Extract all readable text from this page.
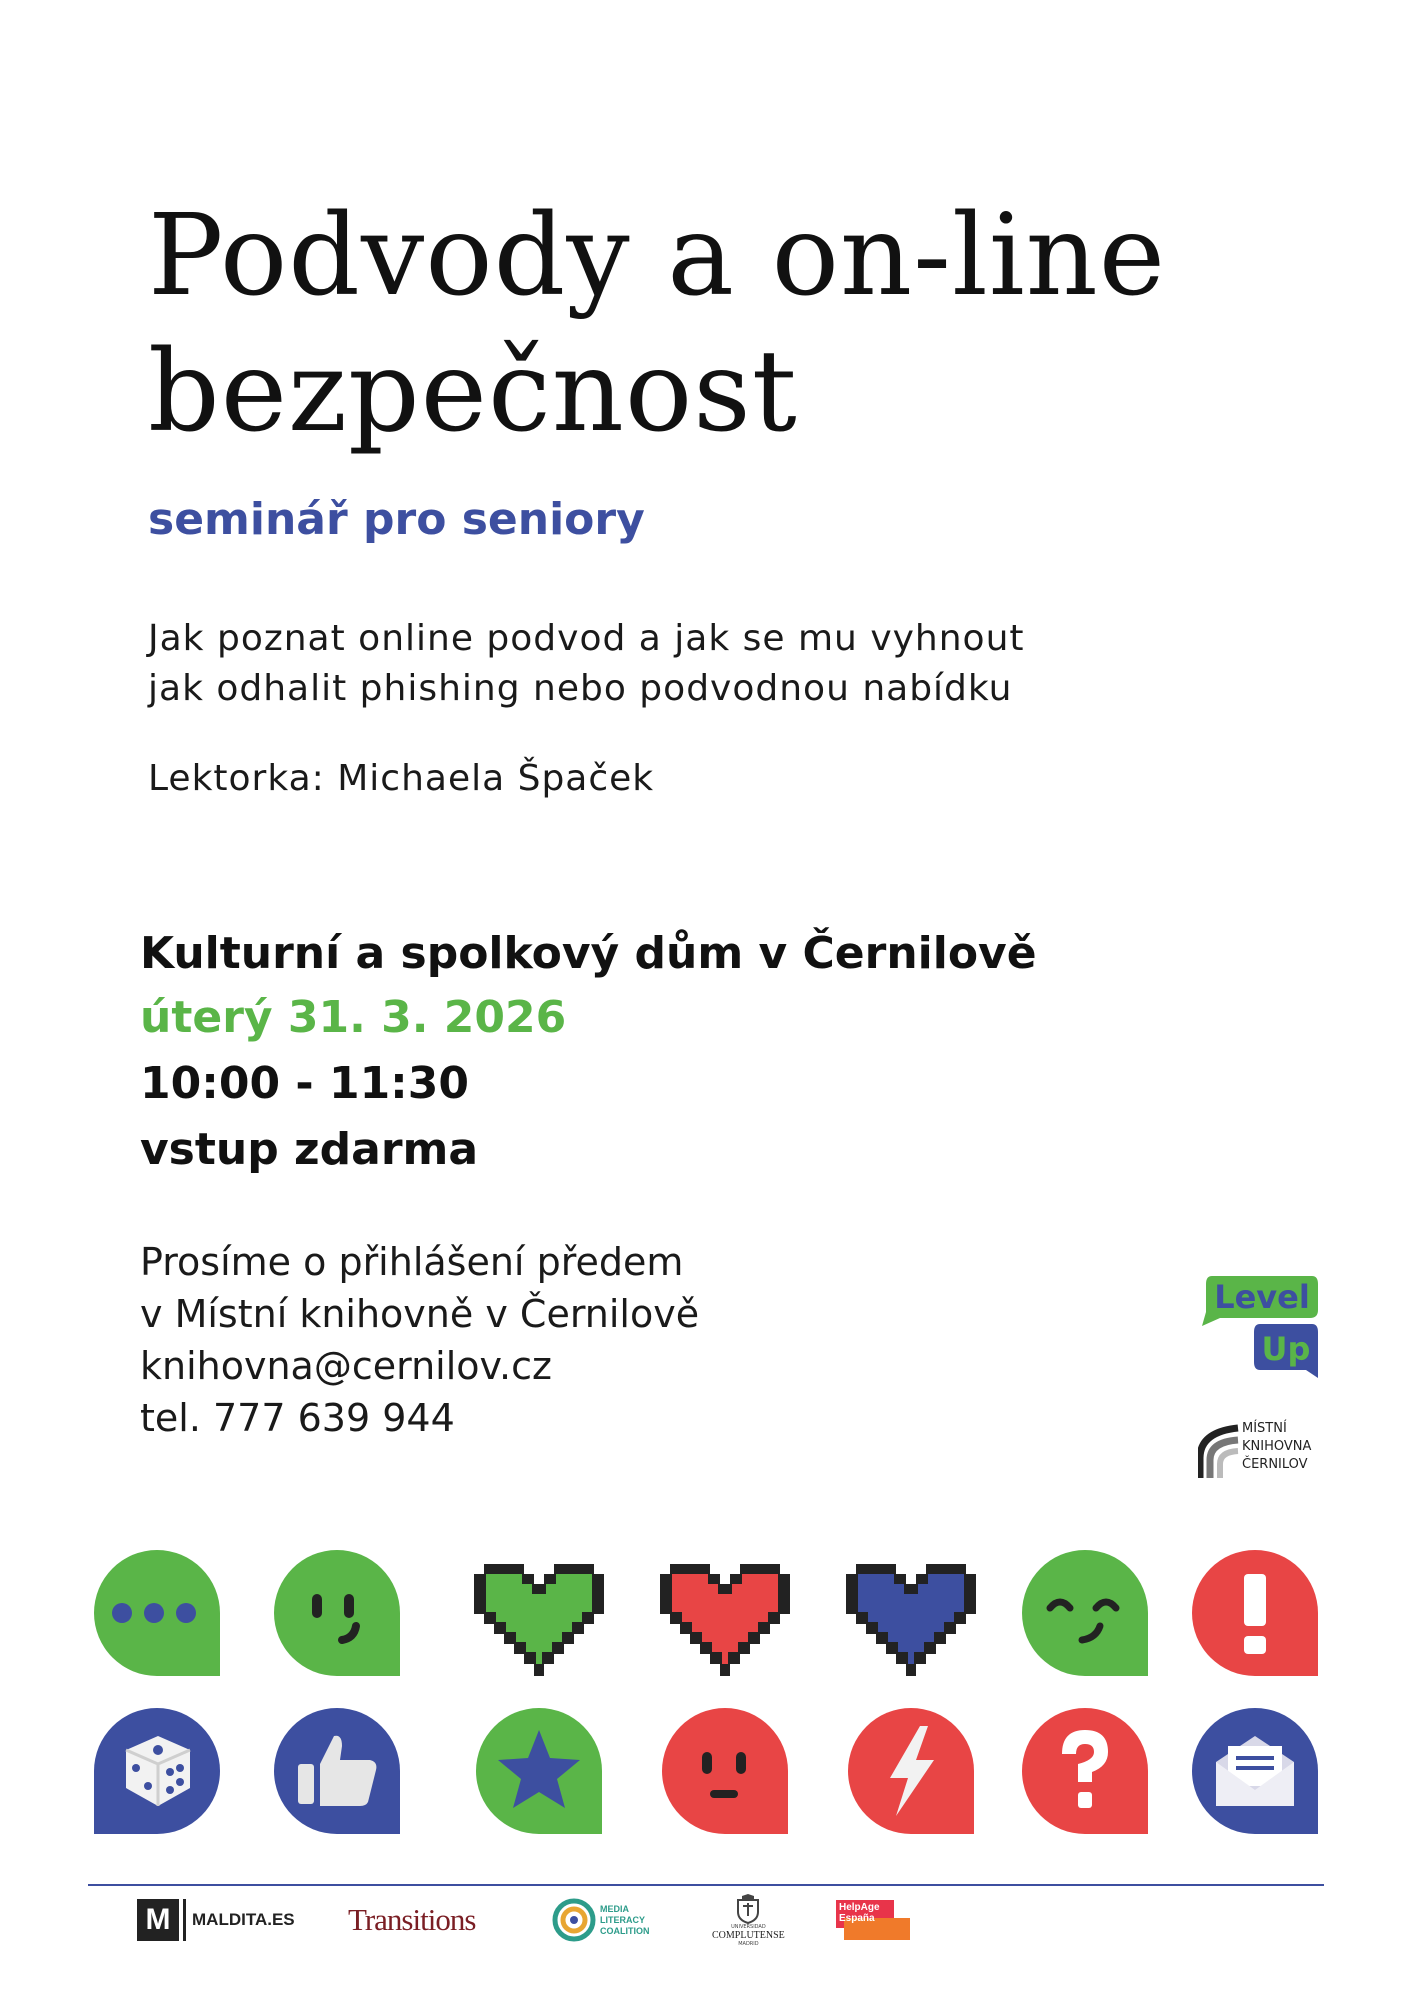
Podvody a on-line
bezpečnost
seminář pro seniory
Jak poznat online podvod a jak se mu vyhnout
jak odhalit phishing nebo podvodnou nabídku
Lektorka: Michaela Špaček
Kulturní a spolkový dům v Černilově
úterý 31. 3. 2026
10:00 - 11:30
vstup zdarma
Prosíme o přihlášení předem
v Místní knihovně v Černilově
knihovna@cernilov.cz
tel. 777 639 944
Level
Up
MÍSTNÍ
KNIHOVNA
ČERNILOV
M	MALDITA.ES Transitions	MEDIA
LITERACY
COALITION	UNIVERSIDAD
COMPLUTENSE
MADRID
HelpAge
España
